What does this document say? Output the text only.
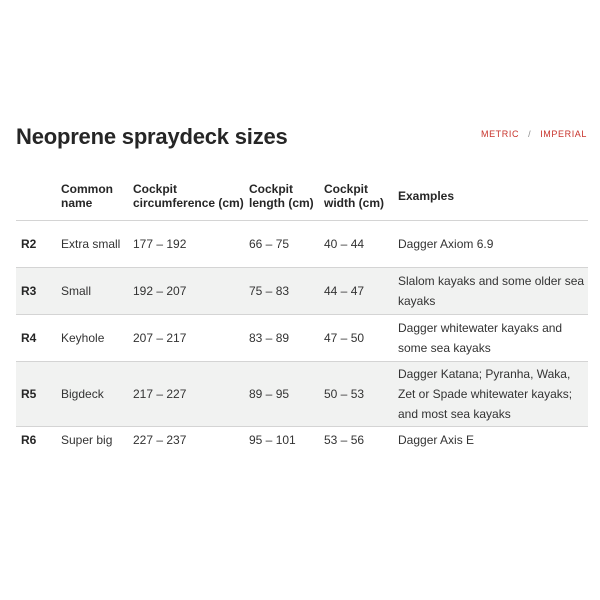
Neoprene spraydeck sizes	METRIC / IMPERIAL
	Common name	Cockpit circumference (cm)	Cockpit length (cm)	Cockpit width (cm)	Examples
R2	Extra small	177 – 192	66 – 75	40 – 44	Dagger Axiom 6.9
R3	Small	192 – 207	75 – 83	44 – 47	Slalom kayaks and some older sea kayaks
R4	Keyhole	207 – 217	83 – 89	47 – 50	Dagger whitewater kayaks and some sea kayaks
R5	Bigdeck	217 – 227	89 – 95	50 – 53	Dagger Katana; Pyranha, Waka, Zet or Spade whitewater kayaks; and most sea kayaks
R6	Super big	227 – 237	95 – 101	53 – 56	Dagger Axis E
